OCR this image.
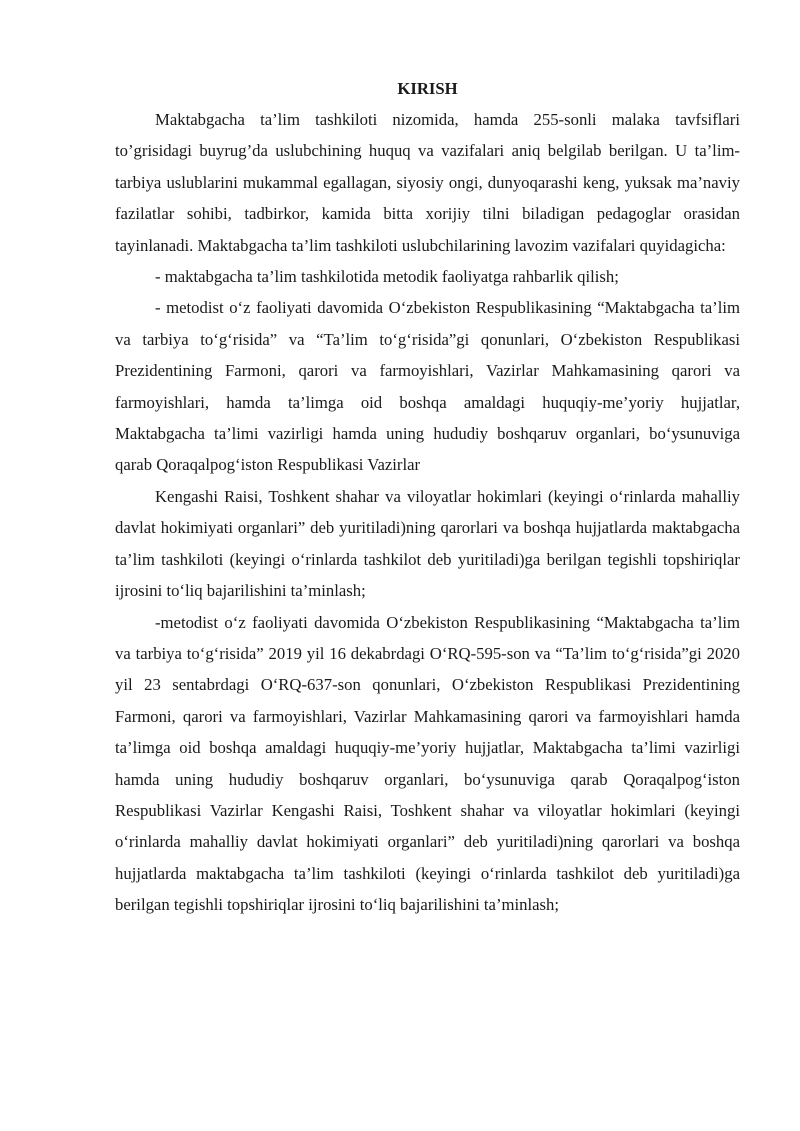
KIRISH

Maktabgacha ta’lim tashkiloti nizomida, hamda 255-sonli malaka tavfsiflari to’grisidagi buyrug’da uslubchining huquq va vazifalari aniq belgilab berilgan. U ta’lim-tarbiya uslublarini mukammal egallagan, siyosiy ongi, dunyoqarashi keng, yuksak ma’naviy fazilatlar sohibi, tadbirkor, kamida bitta xorijiy tilni biladigan pedagoglar orasidan tayinlanadi. Maktabgacha ta’lim tashkiloti uslubchilarining lavozim vazifalari quyidagicha:

- maktabgacha ta’lim tashkilotida metodik faoliyatga rahbarlik qilish;

- metodist o‘z faoliyati davomida O‘zbekiston Respublikasining “Maktabgacha ta’lim va tarbiya to‘g‘risida” va “Ta’lim to‘g‘risida”gi qonunlari, O‘zbekiston Respublikasi Prezidentining Farmoni, qarori va farmoyishlari, Vazirlar Mahkamasining qarori va farmoyishlari, hamda ta’limga oid boshqa amaldagi huquqiy-me’yoriy hujjatlar, Maktabgacha ta’limi vazirligi hamda uning hududiy boshqaruv organlari, bo‘ysunuviga qarab Qoraqalpog‘iston Respublikasi Vazirlar

Kengashi Raisi, Toshkent shahar va viloyatlar hokimlari (keyingi o‘rinlarda mahalliy davlat hokimiyati organlari” deb yuritiladi)ning qarorlari va boshqa hujjatlarda maktabgacha ta’lim tashkiloti (keyingi o‘rinlarda tashkilot deb yuritiladi)ga berilgan tegishli topshiriqlar ijrosini to‘liq bajarilishini ta’minlash;

-metodist o‘z faoliyati davomida O‘zbekiston Respublikasining “Maktabgacha ta’lim va tarbiya to‘g‘risida” 2019 yil 16 dekabrdagi O‘RQ-595-son va “Ta’lim to‘g‘risida”gi 2020 yil 23 sentabrdagi O‘RQ-637-son qonunlari, O‘zbekiston Respublikasi Prezidentining Farmoni, qarori va farmoyishlari, Vazirlar Mahkamasining qarori va farmoyishlari hamda ta’limga oid boshqa amaldagi huquqiy-me’yoriy hujjatlar, Maktabgacha ta’limi vazirligi hamda uning hududiy boshqaruv organlari, bo‘ysunuviga qarab Qoraqalpog‘iston Respublikasi Vazirlar Kengashi Raisi, Toshkent shahar va viloyatlar hokimlari (keyingi o‘rinlarda mahalliy davlat hokimiyati organlari” deb yuritiladi)ning qarorlari va boshqa hujjatlarda maktabgacha ta’lim tashkiloti (keyingi o‘rinlarda tashkilot deb yuritiladi)ga berilgan tegishli topshiriqlar ijrosini to‘liq bajarilishini ta’minlash;
